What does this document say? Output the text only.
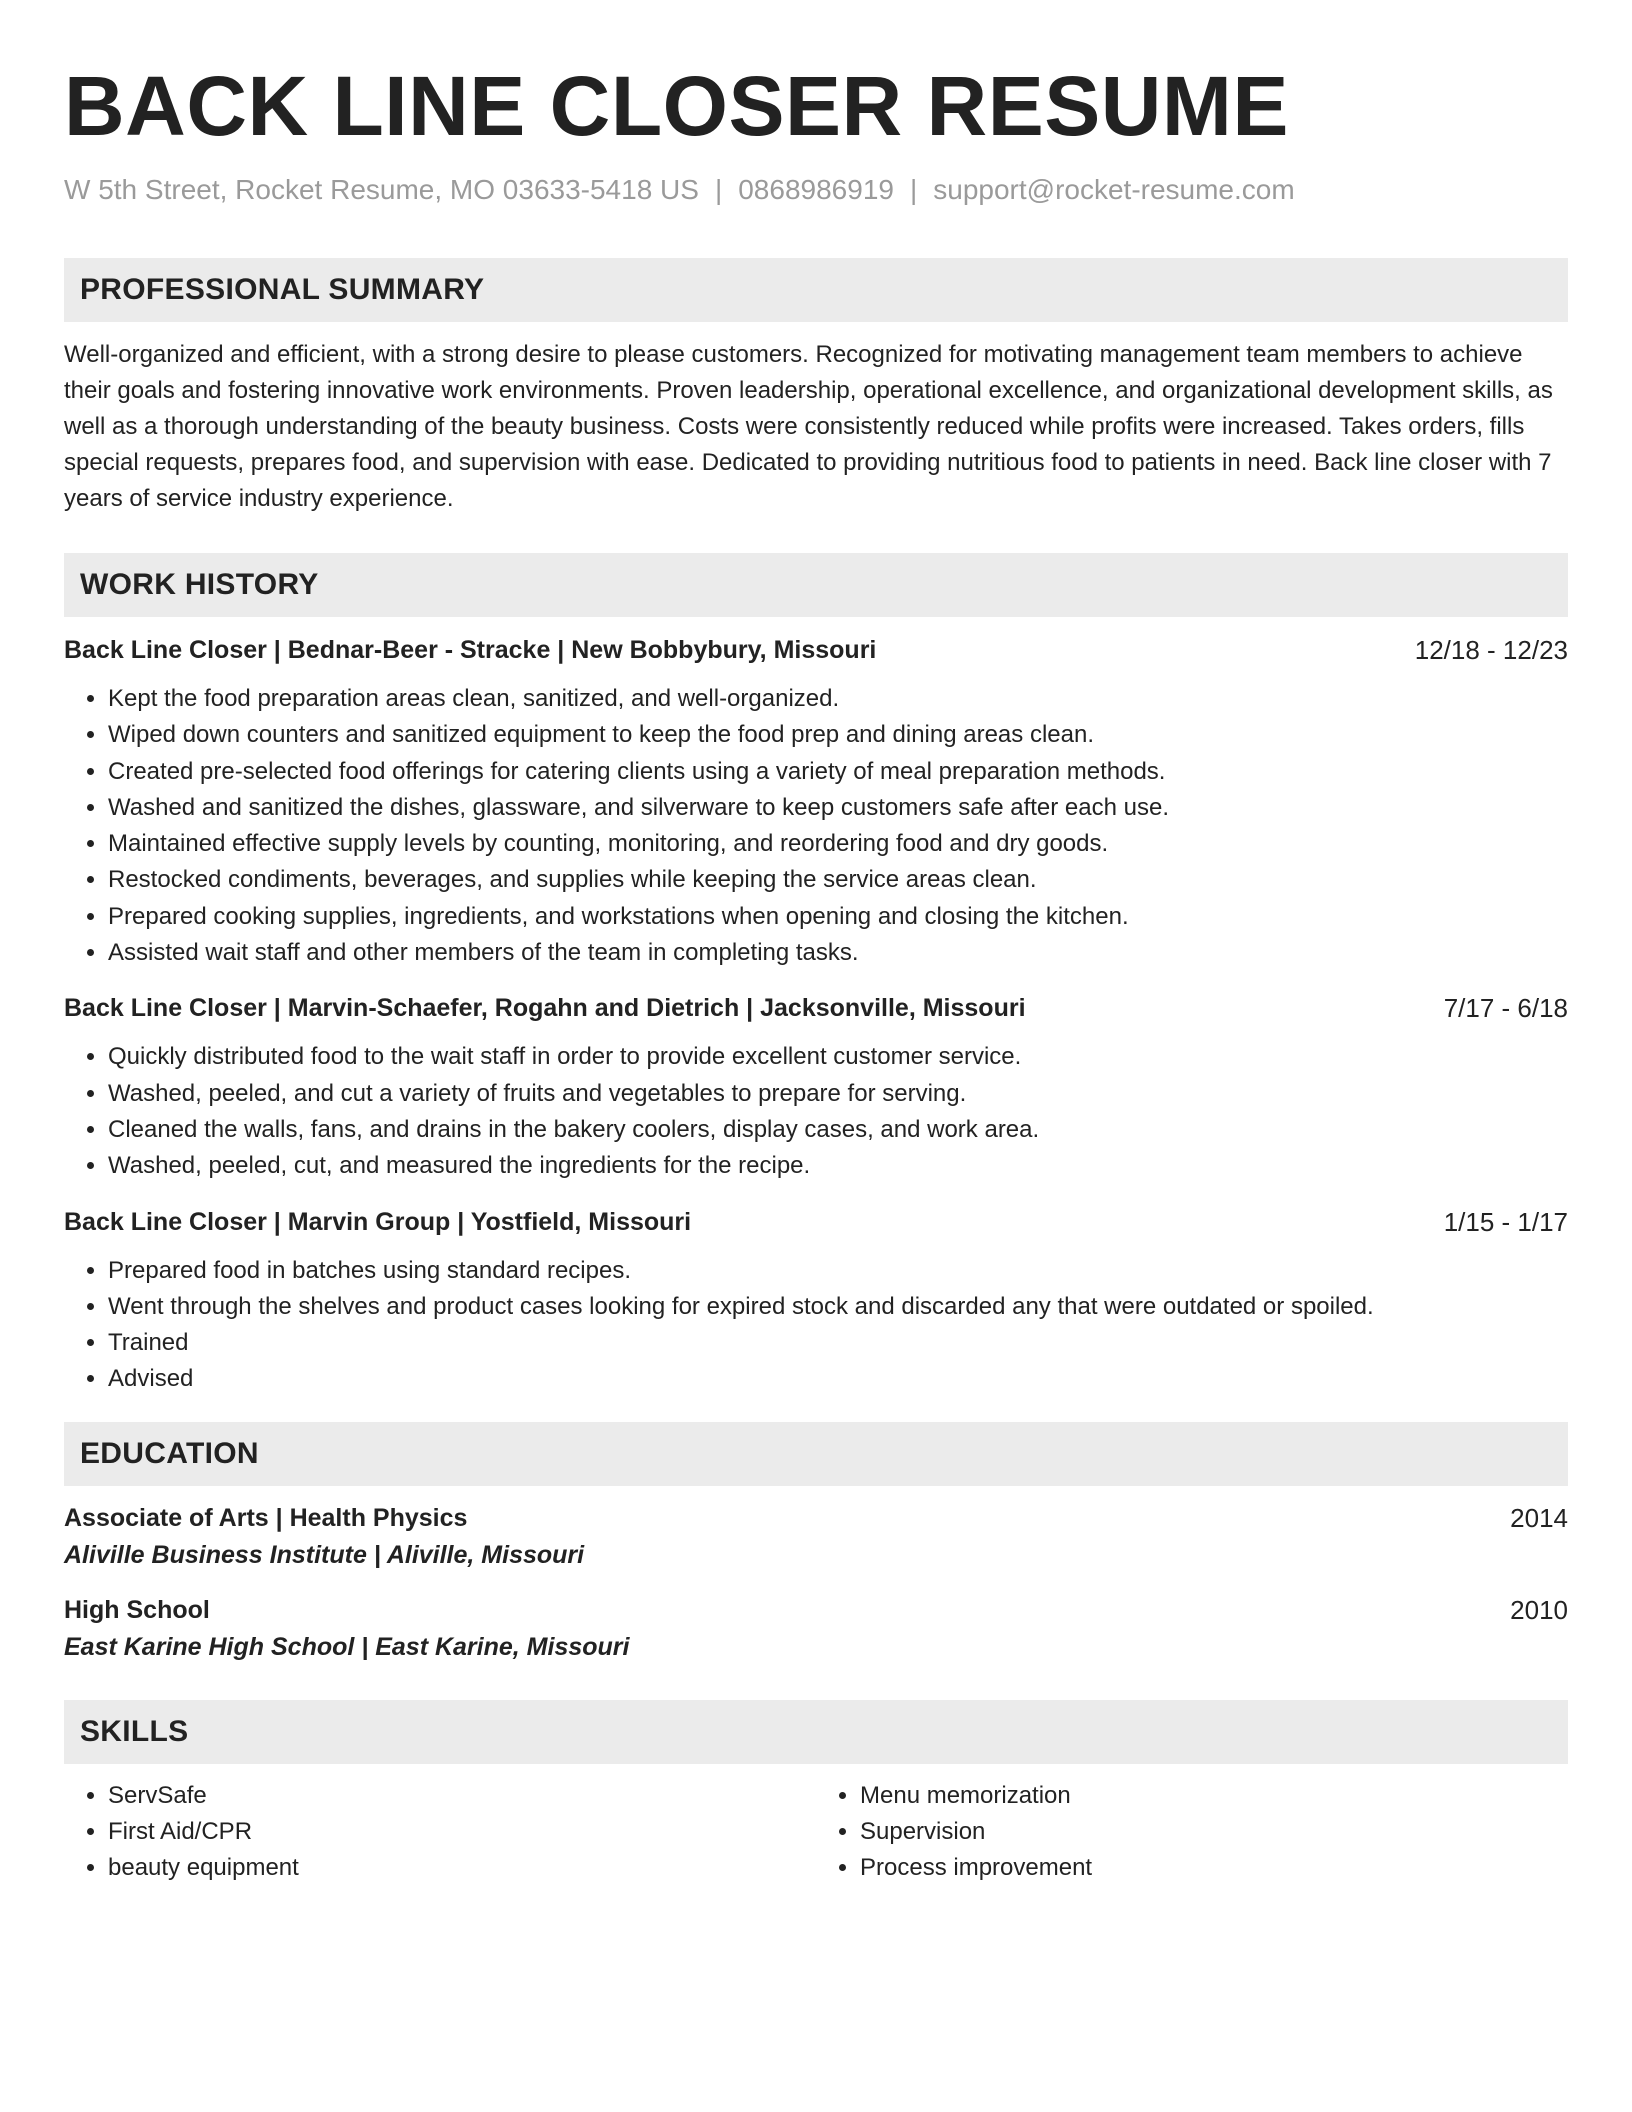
BACK LINE CLOSER RESUME
W 5th Street, Rocket Resume, MO 03633-5418 US | 0868986919 | support@rocket-resume.com
PROFESSIONAL SUMMARY

Well-organized and efficient, with a strong desire to please customers. Recognized for motivating management team members to achieve their goals and fostering innovative work environments. Proven leadership, operational excellence, and organizational development skills, as well as a thorough understanding of the beauty business. Costs were consistently reduced while profits were increased. Takes orders, fills special requests, prepares food, and supervision with ease. Dedicated to providing nutritious food to patients in need. Back line closer with 7 years of service industry experience.

WORK HISTORY
Back Line Closer | Bednar-Beer - Stracke | New Bobbybury, Missouri	12/18 - 12/23
• Kept the food preparation areas clean, sanitized, and well-organized.
• Wiped down counters and sanitized equipment to keep the food prep and dining areas clean.
• Created pre-selected food offerings for catering clients using a variety of meal preparation methods.
• Washed and sanitized the dishes, glassware, and silverware to keep customers safe after each use.
• Maintained effective supply levels by counting, monitoring, and reordering food and dry goods.
• Restocked condiments, beverages, and supplies while keeping the service areas clean.
• Prepared cooking supplies, ingredients, and workstations when opening and closing the kitchen.
• Assisted wait staff and other members of the team in completing tasks.
Back Line Closer | Marvin-Schaefer, Rogahn and Dietrich | Jacksonville, Missouri	7/17 - 6/18
• Quickly distributed food to the wait staff in order to provide excellent customer service.
• Washed, peeled, and cut a variety of fruits and vegetables to prepare for serving.
• Cleaned the walls, fans, and drains in the bakery coolers, display cases, and work area.
• Washed, peeled, cut, and measured the ingredients for the recipe.
Back Line Closer | Marvin Group | Yostfield, Missouri	1/15 - 1/17
• Prepared food in batches using standard recipes.
• Went through the shelves and product cases looking for expired stock and discarded any that were outdated or spoiled.
• Trained
• Advised
EDUCATION
Associate of Arts | Health Physics	2014
Aliville Business Institute | Aliville, Missouri
High School	2010
East Karine High School | East Karine, Missouri
SKILLS
• ServSafe
• First Aid/CPR
• beauty equipment
• Menu memorization
• Supervision
• Process improvement
